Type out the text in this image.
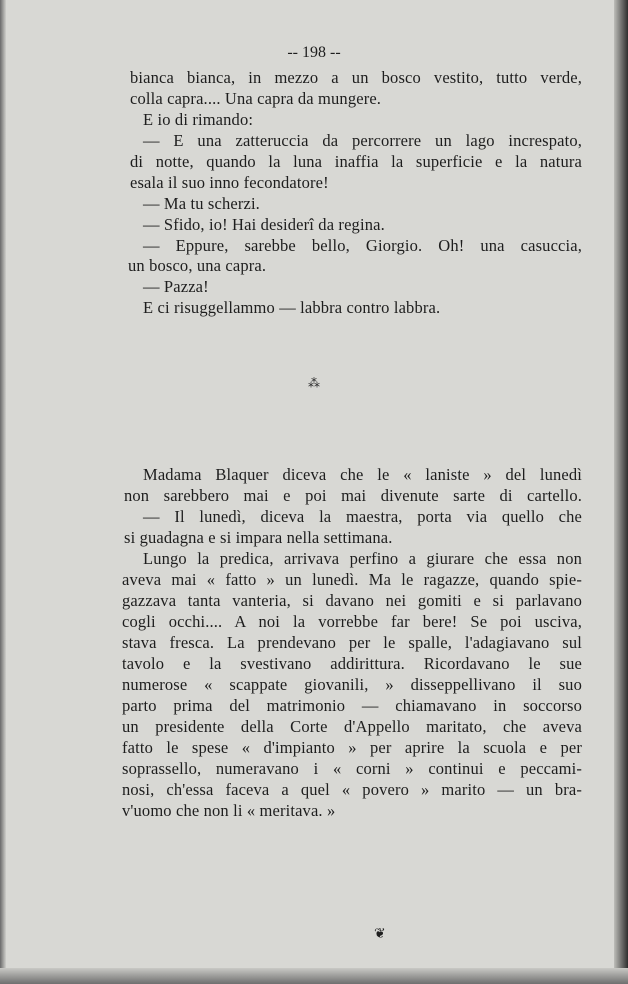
-- 198 --
bianca bianca, in mezzo a un bosco vestito, tutto verde,
colla capra.... Una capra da mungere.
E io di rimando:
— E una zatteruccia da percorrere un lago increspato,
di notte, quando la luna inaffia la superficie e la natura
esala il suo inno fecondatore!
— Ma tu scherzi.
— Sfido, io! Hai desiderî da regina.
— Eppure, sarebbe bello, Giorgio. Oh! una casuccia,
un bosco, una capra.
— Pazza!
E ci risuggellammo — labbra contro labbra.
⁂
Madama Blaquer diceva che le « laniste » del lunedì
non sarebbero mai e poi mai divenute sarte di cartello.
— Il lunedì, diceva la maestra, porta via quello che
si guadagna e si impara nella settimana.
Lungo la predica, arrivava perfino a giurare che essa non
aveva mai « fatto » un lunedì. Ma le ragazze, quando spie-
gazzava tanta vanteria, si davano nei gomiti e si parlavano
cogli occhi.... A noi la vorrebbe far bere! Se poi usciva,
stava fresca. La prendevano per le spalle, l'adagiavano sul
tavolo e la svestivano addirittura. Ricordavano le sue
numerose « scappate giovanili, » disseppellivano il suo
parto prima del matrimonio — chiamavano in soccorso
un presidente della Corte d'Appello maritato, che aveva
fatto le spese « d'impianto » per aprire la scuola e per
soprassello, numeravano i « corni » continui e peccami-
nosi, ch'essa faceva a quel « povero » marito — un bra-
v'uomo che non li « meritava. »
❦
